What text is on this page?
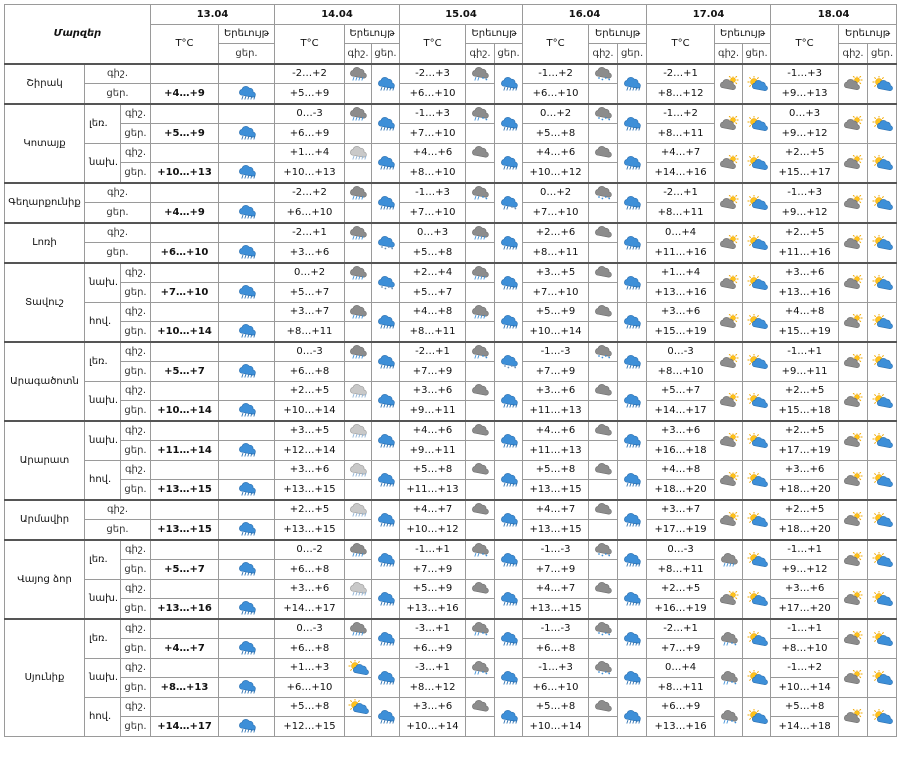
Մարզեր			13.04		14.04			15.04			16.04			17.04			18.04		
			T°C	Երեւույթ	T°C	Երեւույթ		T°C	Երեւույթ		T°C	Երեւույթ		T°C	Երեւույթ		T°C	Երեւույթ	
				ցեր.		գիշ.	ցեր.		գիշ.	ցեր.		գիշ.	ցեր.		գիշ.	ցեր.		գիշ.	ցեր.
Շիրակ	գիշ.				-2…+2			-2…+3			-1…+2			-2…+1			-1…+3	

	ցեր.		+4…+9		+5…+9			+6…+10			+6…+10			+8…+12			+9…+13		
Կոտայք	լեռ.	գիշ.			0…-3			-1…+3			0…+2			-1…+2			0…+3	

		ցեր.	+5…+9		+6…+9			+7…+10			+5…+8			+8…+11			+9…+12		
	նախ.	գիշ.			+1…+4			+4…+6			+4…+6			+4…+7			+2…+5	

		ցեր.	+10…+13		+10…+13			+8…+10			+10…+12			+14…+16			+15…+17		
Գեղարքունիք	գիշ.				-2…+2			-1…+3			0…+2			-2…+1			-1…+3	

	ցեր.		+4…+9		+6…+10			+7…+10			+7…+10			+8…+11			+9…+12		
Լոռի	գիշ.				-2…+1			0…+3			+2…+6			0…+4			+2…+5	

	ցեր.		+6…+10		+3…+6			+5…+8			+8…+11			+11…+16			+11…+16		
Տավուշ	նախ.	գիշ.			0…+2			+2…+4			+3…+5			+1…+4			+3…+6	

		ցեր.	+7…+10		+5…+7			+5…+7			+7…+10			+13…+16			+13…+16		
	hով.	գիշ.			+3…+7			+4…+8			+5…+9			+3…+6			+4…+8	

		ցեր.	+10…+14		+8…+11			+8…+11			+10…+14			+15…+19			+15…+19		
Արագածոտն	լեռ.	գիշ.			0…-3			-2…+1			-1…-3			0…-3			-1…+1	

		ցեր.	+5…+7		+6…+8			+7…+9			+7…+9			+8…+10			+9…+11		
	նախ.	գիշ.			+2…+5			+3…+6			+3…+6			+5…+7			+2…+5	

		ցեր.	+10…+14		+10…+14			+9…+11			+11…+13			+14…+17			+15…+18		
Արարատ	նախ.	գիշ.			+3…+5			+4…+6			+4…+6			+3…+6			+2…+5	

		ցեր.	+11…+14		+12…+14			+9…+11			+11…+13			+16…+18			+17…+19		
	hով.	գիշ.			+3…+6			+5…+8			+5…+8			+4…+8			+3…+6	

		ցեր.	+13…+15		+13…+15			+11…+13			+13…+15			+18…+20			+18…+20		
Արմավիր	գիշ.				+2…+5			+4…+7			+4…+7			+3…+7			+2…+5	

	ցեր.		+13…+15		+13…+15			+10…+12			+13…+15			+17…+19			+18…+20		
Վայոց ձոր	լեռ.	գիշ.			0…-2			-1…+1			-1…-3			0…-3			-1…+1	

		ցեր.	+5…+7		+6…+8			+7…+9			+7…+9			+8…+11			+9…+12		
	նախ.	գիշ.			+3…+6			+5…+9			+4…+7			+2…+5			+3…+6	

		ցեր.	+13…+16		+14…+17			+13…+16			+13…+15			+16…+19			+17…+20		
Սյունիք	լեռ.	գիշ.			0…-3			-3…+1			-1…-3			-2…+1			-1…+1	

		ցեր.	+4…+7		+6…+8			+6…+9			+6…+8			+7…+9			+8…+10		
	նախ.	գիշ.			+1…+3			-3…+1			-1…+3			0…+4			-1…+2	

		ցեր.	+8…+13		+6…+10			+8…+12			+6…+10			+8…+11			+10…+14		
	hով.	գիշ.			+5…+8			+3…+6			+5…+8			+6…+9			+5…+8	

		ցեր.	+14…+17		+12…+15			+10…+14			+10…+14			+13…+16			+14…+18		
